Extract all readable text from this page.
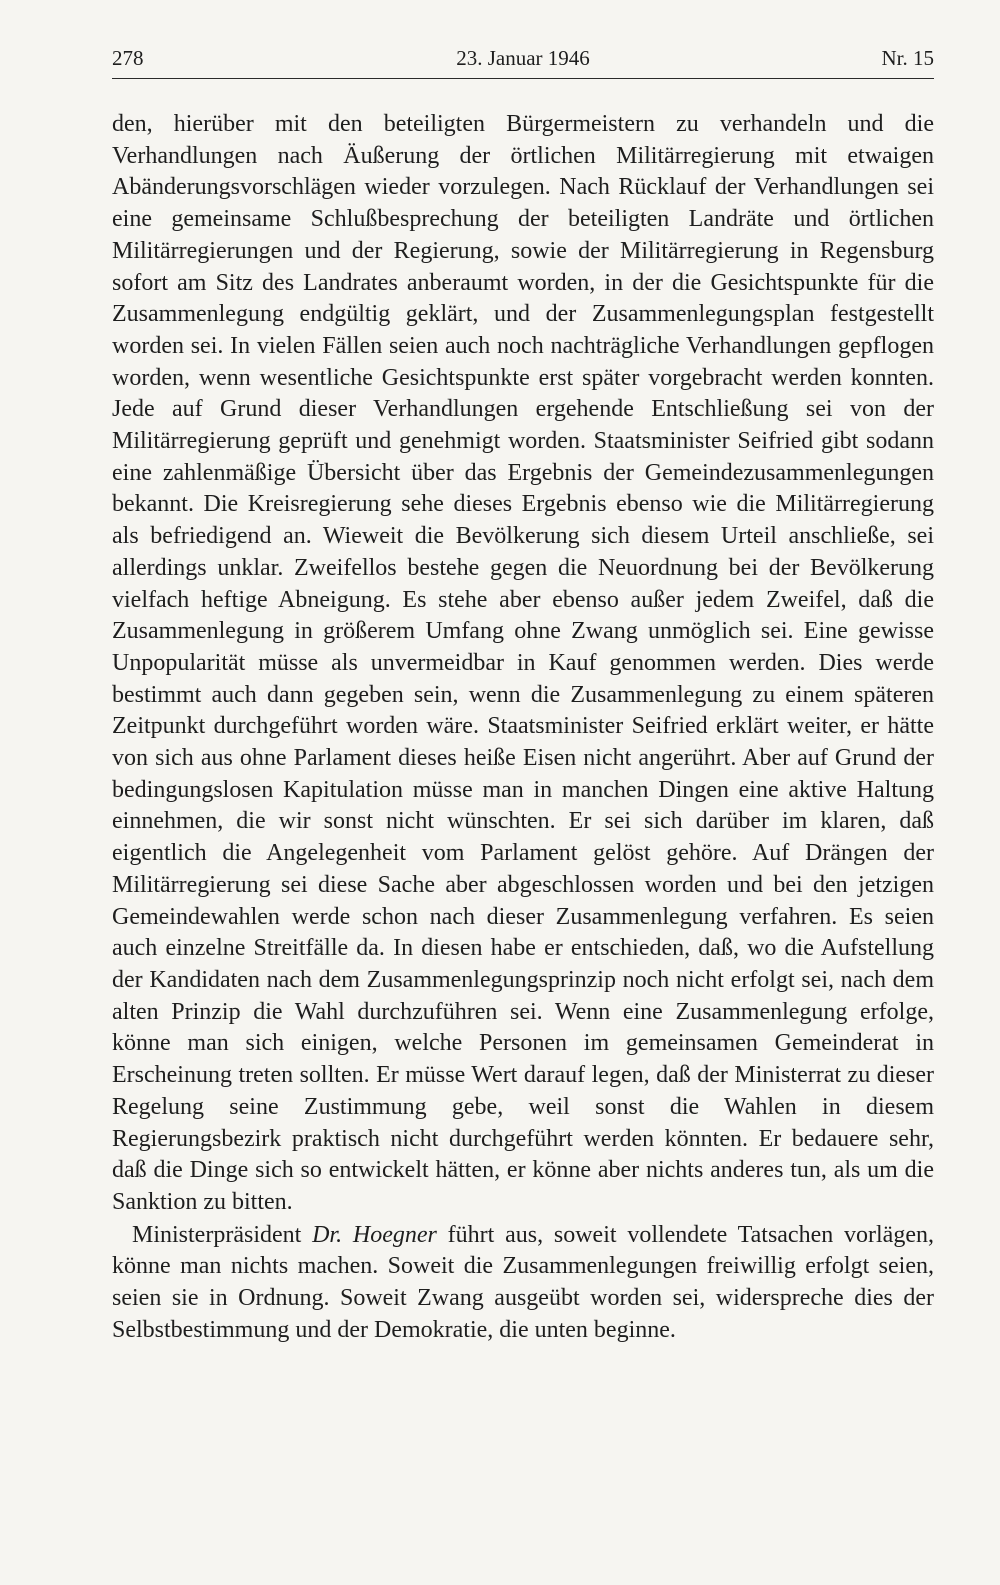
278	23. Januar 1946	Nr. 15

den, hierüber mit den beteiligten Bürgermeistern zu verhandeln und die Verhandlungen nach Äußerung der örtlichen Militärregierung mit etwaigen Abänderungsvorschlägen wieder vorzulegen. Nach Rücklauf der Verhandlungen sei eine gemeinsame Schlußbesprechung der beteiligten Landräte und örtlichen Militärregierungen und der Regierung, sowie der Militärregierung in Regensburg sofort am Sitz des Landrates anberaumt worden, in der die Gesichtspunkte für die Zusammenlegung endgültig geklärt, und der Zusammenlegungsplan festgestellt worden sei. In vielen Fällen seien auch noch nachträgliche Verhandlungen gepflogen worden, wenn wesentliche Gesichtspunkte erst später vorgebracht werden konnten. Jede auf Grund dieser Verhandlungen ergehende Entschließung sei von der Militärregierung geprüft und genehmigt worden. Staatsminister Seifried gibt sodann eine zahlenmäßige Übersicht über das Ergebnis der Gemeindezusammenlegungen bekannt. Die Kreisregierung sehe dieses Ergebnis ebenso wie die Militärregierung als befriedigend an. Wieweit die Bevölkerung sich diesem Urteil anschließe, sei allerdings unklar. Zweifellos bestehe gegen die Neuordnung bei der Bevölkerung vielfach heftige Abneigung. Es stehe aber ebenso außer jedem Zweifel, daß die Zusammenlegung in größerem Umfang ohne Zwang unmöglich sei. Eine gewisse Unpopularität müsse als unvermeidbar in Kauf genommen werden. Dies werde bestimmt auch dann gegeben sein, wenn die Zusammenlegung zu einem späteren Zeitpunkt durchgeführt worden wäre. Staatsminister Seifried erklärt weiter, er hätte von sich aus ohne Parlament dieses heiße Eisen nicht angerührt. Aber auf Grund der bedingungslosen Kapitulation müsse man in manchen Dingen eine aktive Haltung einnehmen, die wir sonst nicht wünschten. Er sei sich darüber im klaren, daß eigentlich die Angelegenheit vom Parlament gelöst gehöre. Auf Drängen der Militärregierung sei diese Sache aber abgeschlossen worden und bei den jetzigen Gemeindewahlen werde schon nach dieser Zusammenlegung verfahren. Es seien auch einzelne Streitfälle da. In diesen habe er entschieden, daß, wo die Aufstellung der Kandidaten nach dem Zusammenlegungsprinzip noch nicht erfolgt sei, nach dem alten Prinzip die Wahl durchzuführen sei. Wenn eine Zusammenlegung erfolge, könne man sich einigen, welche Personen im gemeinsamen Gemeinderat in Erscheinung treten sollten. Er müsse Wert darauf legen, daß der Ministerrat zu dieser Regelung seine Zustimmung gebe, weil sonst die Wahlen in diesem Regierungsbezirk praktisch nicht durchgeführt werden könnten. Er bedauere sehr, daß die Dinge sich so entwickelt hätten, er könne aber nichts anderes tun, als um die Sanktion zu bitten.

Ministerpräsident Dr. Hoegner führt aus, soweit vollendete Tatsachen vorlägen, könne man nichts machen. Soweit die Zusammenlegungen freiwillig erfolgt seien, seien sie in Ordnung. Soweit Zwang ausgeübt worden sei, widerspreche dies der Selbstbestimmung und der Demokratie, die unten beginne.
